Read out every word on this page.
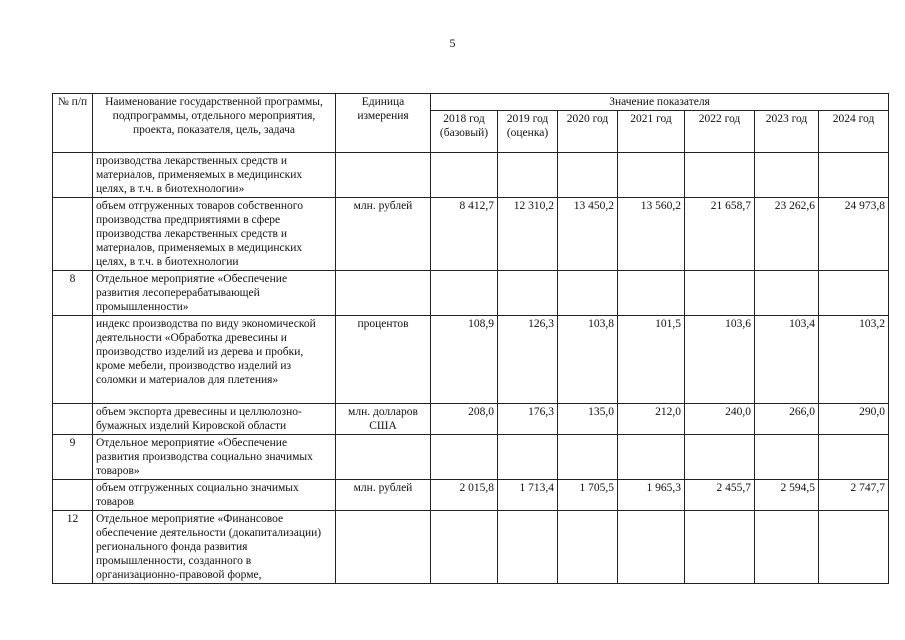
5
№ п/п	Наименование государственной программы, подпрограммы, отдельного мероприятия, проекта, показателя, цель, задача	Единица измерения	Значение показателя						
			2018 год (базовый)	2019 год (оценка)	2020 год	2021 год	2022 год	2023 год	2024 год
	производства лекарственных средств и материалов, применяемых в медицинских целях, в т.ч. в биотехнологии»								
	объем отгруженных товаров собственного производства предприятиями в сфере производства лекарственных средств и материалов, применяемых в медицинских целях, в т.ч. в биотехнологии	млн. рублей	8 412,7	12 310,2	13 450,2	13 560,2	21 658,7	23 262,6	24 973,8
8	Отдельное мероприятие «Обеспечение развития лесоперерабатывающей промышленности»								
	индекс производства по виду экономической деятельности «Обработка древесины и производство изделий из дерева и пробки, кроме мебели, производство изделий из соломки и материалов для плетения»	процентов	108,9	126,3	103,8	101,5	103,6	103,4	103,2
	объем экспорта древесины и целлюлозно-бумажных изделий Кировской области	млн. долларов США	208,0	176,3	135,0	212,0	240,0	266,0	290,0
9	Отдельное мероприятие «Обеспечение развития производства социально значимых товаров»								
	объем отгруженных социально значимых товаров	млн. рублей	2 015,8	1 713,4	1 705,5	1 965,3	2 455,7	2 594,5	2 747,7
12	Отдельное мероприятие «Финансовое обеспечение деятельности (докапитализации) регионального фонда развития промышленности, созданного в организационно-правовой форме,								
